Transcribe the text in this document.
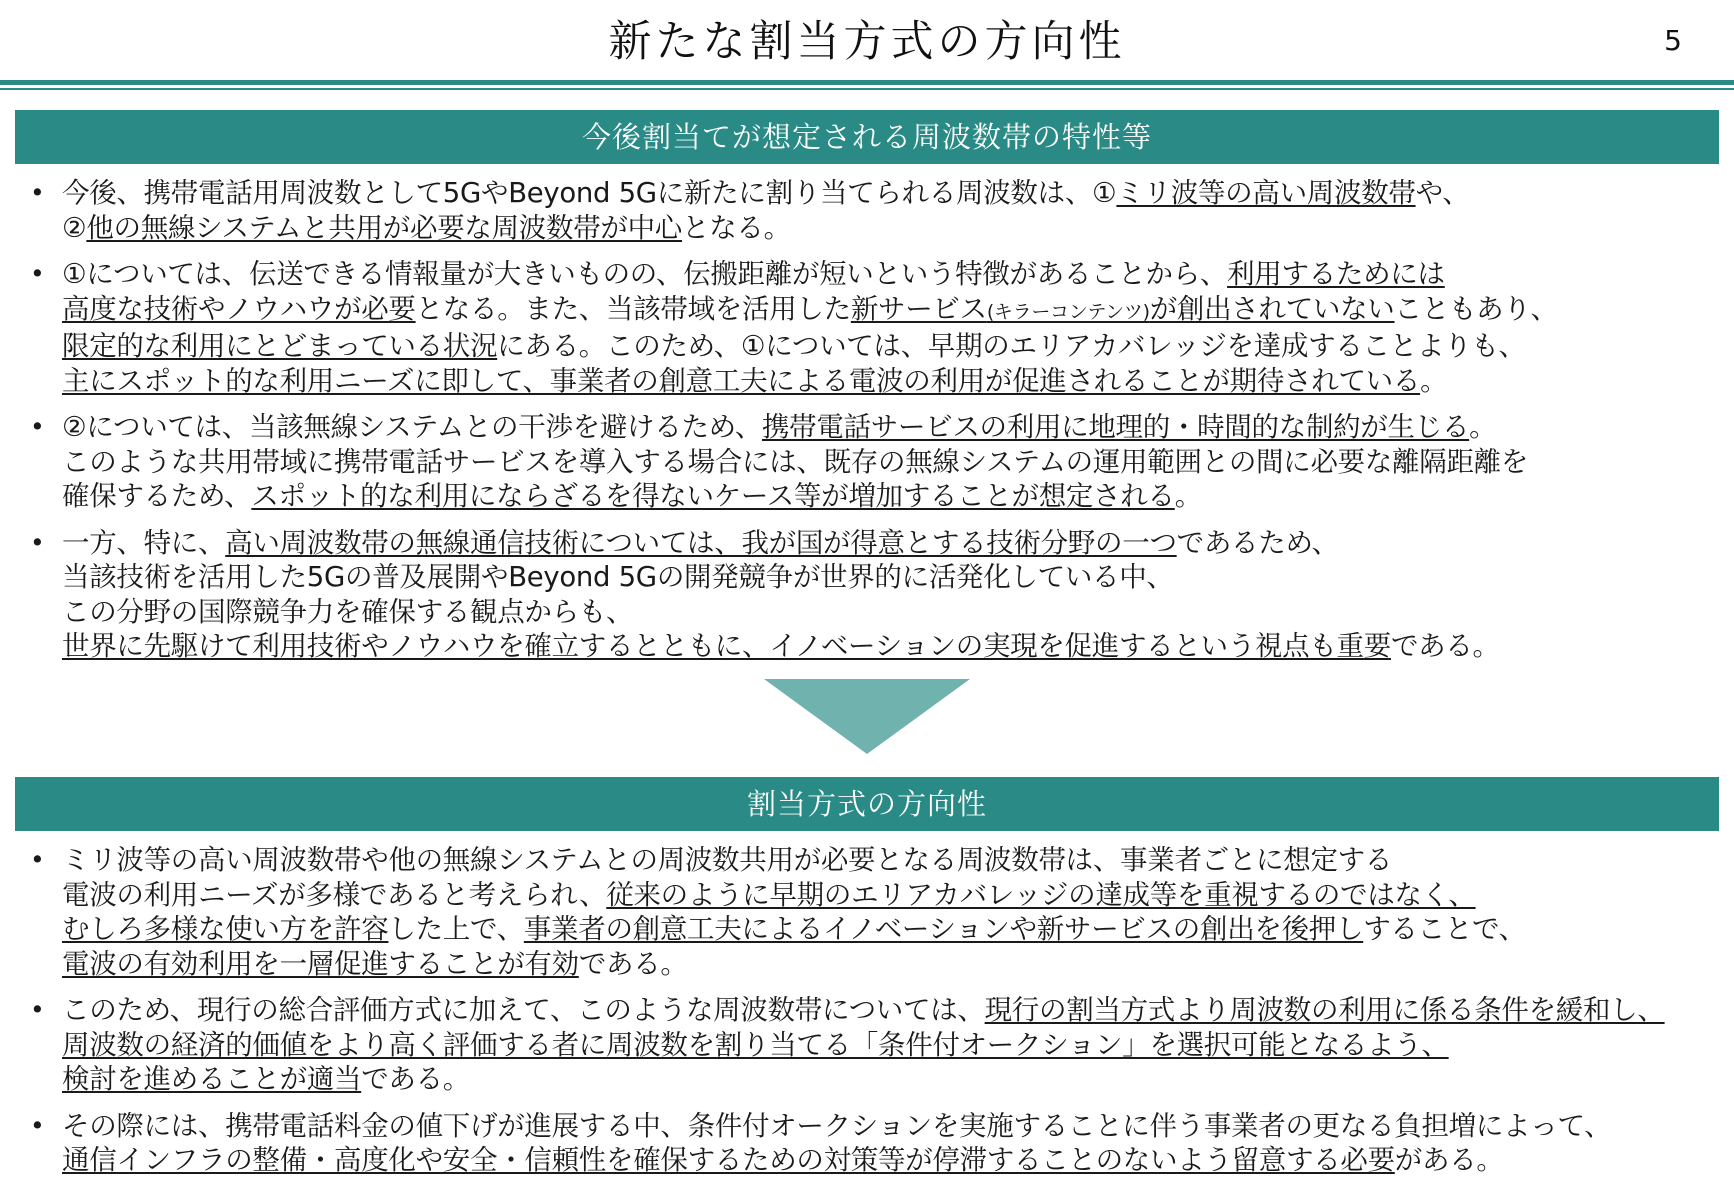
新たな割当方式の方向性	5
今後割当てが想定される周波数帯の特性等
• 今後、携帯電話用周波数として5GやBeyond 5Gに新たに割り当てられる周波数は、①ミリ波等の高い周波数帯や、
②他の無線システムと共用が必要な周波数帯が中心となる。
• ①については、伝送できる情報量が大きいものの、伝搬距離が短いという特徴があることから、利用するためには
高度な技術やノウハウが必要となる。また、当該帯域を活用した新サービス(キラーコンテンツ)が創出されていないこともあり、
限定的な利用にとどまっている状況にある。このため、①については、早期のエリアカバレッジを達成することよりも、
主にスポット的な利用ニーズに即して、事業者の創意工夫による電波の利用が促進されることが期待されている。
• ②については、当該無線システムとの干渉を避けるため、携帯電話サービスの利用に地理的・時間的な制約が生じる。
このような共用帯域に携帯電話サービスを導入する場合には、既存の無線システムの運用範囲との間に必要な離隔距離を
確保するため、スポット的な利用にならざるを得ないケース等が増加することが想定される。
• 一方、特に、高い周波数帯の無線通信技術については、我が国が得意とする技術分野の一つであるため、
当該技術を活用した5Gの普及展開やBeyond 5Gの開発競争が世界的に活発化している中、
この分野の国際競争力を確保する観点からも、
世界に先駆けて利用技術やノウハウを確立するとともに、イノベーションの実現を促進するという視点も重要である。
割当方式の方向性
• ミリ波等の高い周波数帯や他の無線システムとの周波数共用が必要となる周波数帯は、事業者ごとに想定する
電波の利用ニーズが多様であると考えられ、従来のように早期のエリアカバレッジの達成等を重視するのではなく、
むしろ多様な使い方を許容した上で、事業者の創意工夫によるイノベーションや新サービスの創出を後押しすることで、
電波の有効利用を一層促進することが有効である。
• このため、現行の総合評価方式に加えて、このような周波数帯については、現行の割当方式より周波数の利用に係る条件を緩和し、
周波数の経済的価値をより高く評価する者に周波数を割り当てる「条件付オークション」を選択可能となるよう、
検討を進めることが適当である。
• その際には、携帯電話料金の値下げが進展する中、条件付オークションを実施することに伴う事業者の更なる負担増によって、
通信インフラの整備・高度化や安全・信頼性を確保するための対策等が停滞することのないよう留意する必要がある。
